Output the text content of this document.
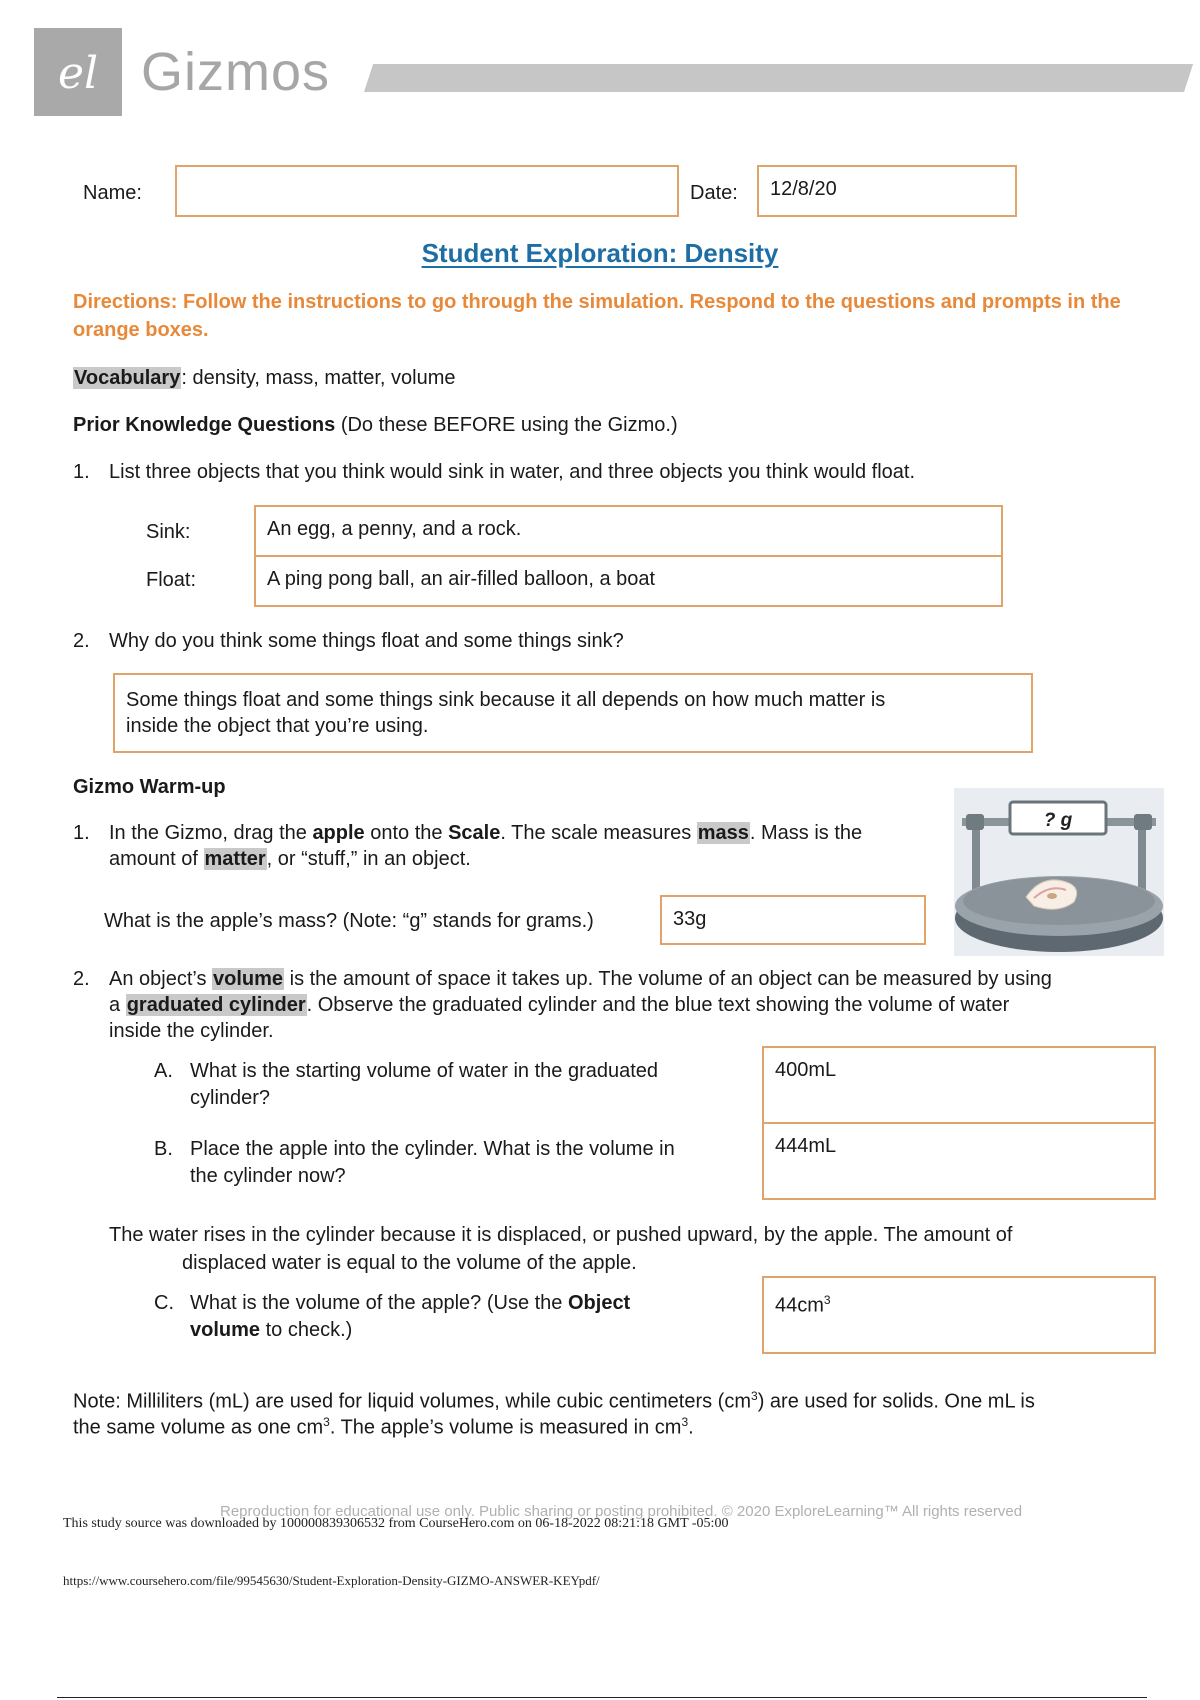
el Gizmos
Name:	Date: 12/8/20
Student Exploration: Density
Directions: Follow the instructions to go through the simulation. Respond to the questions and prompts in the orange boxes.
Vocabulary: density, mass, matter, volume
Prior Knowledge Questions (Do these BEFORE using the Gizmo.)
1. List three objects that you think would sink in water, and three objects you think would float.
Sink:	An egg, a penny, and a rock.
Float:	A ping pong ball, an air-filled balloon, a boat
2. Why do you think some things float and some things sink?
Some things float and some things sink because it all depends on how much matter is
inside the object that you’re using.
Gizmo Warm-up
1. In the Gizmo, drag the apple onto the Scale. The scale measures mass. Mass is the
amount of matter, or “stuff,” in an object.
What is the apple’s mass? (Note: “g” stands for grams.)	33g
? g
2. An object’s volume is the amount of space it takes up. The volume of an object can be measured by using
a graduated cylinder. Observe the graduated cylinder and the blue text showing the volume of water
inside the cylinder.
A. What is the starting volume of water in the graduated
cylinder?
400mL
B. Place the apple into the cylinder. What is the volume in
the cylinder now?
444mL
The water rises in the cylinder because it is displaced, or pushed upward, by the apple. The amount of
displaced water is equal to the volume of the apple.
C. What is the volume of the apple? (Use the Object
volume to check.)
$44cm^3$
Note: Milliliters (mL) are used for liquid volumes, while cubic centimeters $(cm^3)$ are used for solids. One mL is
the same volume as one $cm^3$. The apple’s volume is measured in $cm^3$.
Reproduction for educational use only. Public sharing or posting prohibited. © 2020 ExploreLearning™ All rights reserved
This study source was downloaded by 100000839306532 from CourseHero.com on 06-18-2022 08:21:18 GMT -05:00
https://www.coursehero.com/file/99545630/Student-Exploration-Density-GIZMO-ANSWER-KEYpdf/
